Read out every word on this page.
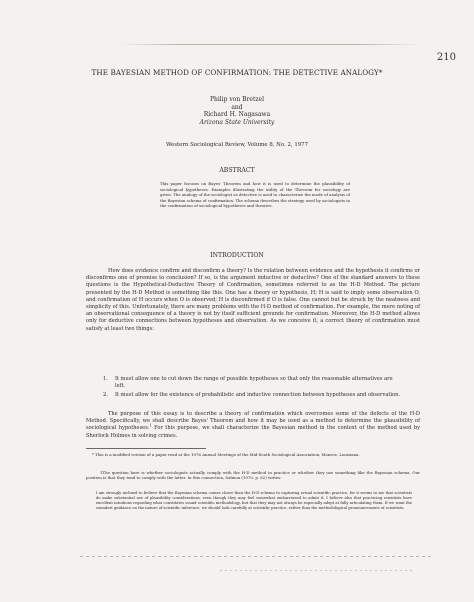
210
THE BAYESIAN METHOD OF CONFIRMATION: THE DETECTIVE ANALOGY*
Philip von Bretzel
and
Richard H. Nagasawa
Arizona State University
Western Sociological Review, Volume 8, No. 2, 1977
ABSTRACT
This paper focuses on Bayes' Theorem and how it is used to determine the plausibility of sociological hypotheses. Examples illustrating the utility of the Theorem for sociology are given. The analogy of the sociologist as detective is used to characterize the mode of analysis of the Bayesian schema of confirmation. The schema describes the strategy used by sociologists in the confirmation of sociological hypotheses and theories.
INTRODUCTION
How does evidence confirm and disconfirm a theory? Is the relation between evidence and the hypothesis it confirms or disconfirms one of premise to conclusion? If so, is the argument inductive or deductive? One of the standard answers to these questions is the Hypothetical-Deductive Theory of Confirmation, sometimes referred to as the H-D Method. The picture presented by the H-D Method is something like this. One has a theory or hypothesis, H; H is said to imply some observation O, and confirmation of H occurs when O is observed; H is disconfirmed if O is false. One cannot but be struck by the neatness and simplicity of this. Unfortunately, there are many problems with the H-D method of confirmation. For example, the mere noting of an observational consequence of a theory is not by itself sufficient grounds for confirmation. Moreover, the H-D method allows only for deductive connections between hypotheses and observation. As we conceive it, a correct theory of confirmation must satisfy at least two things:
1.	It must allow one to cut down the range of possible hypotheses so that only the reasonable alternatives are left.
2.	It must allow for the existence of probabilistic and inductive connection between hypotheses and observation.
The purpose of this essay is to describe a theory of confirmation which overcomes some of the defects of the H-D Method. Specifically, we shall describe Bayes' Theorem and how it may be used as a method to determine the plausibility of sociological hypotheses.$^1$ For this purpose, we shall characterize the Bayesian method in the context of the method used by Sherlock Holmes in solving crimes.
* This is a modified version of a paper read at the 1976 Annual Meetings of the Mid-South Sociological Association, Monroe, Louisiana.
1The question here is whether sociologists actually comply with the H-D method in practice or whether they use something like the Bayesian schema. Our position is that they tend to comply with the latter. In this connection, Salmon (1970, p. 82) writes:
I am strongly inclined to believe that the Bayesian schema comes closer than the H-D schema to capturing actual scientific practice, for it seems to me that scientists do make substantial use of plausibility considerations, even though they may feel somewhat embarrassed to admit it. I believe also that practicing scientists have excellent intuitions regarding what constitutes sound scientific methodology, but that they may not always be especially adept at fully articulating them. If we want the soundest guidance on the nature of scientific inference, we should look carefully at scientific practice, rather than the methodological pronouncements of scientists.
